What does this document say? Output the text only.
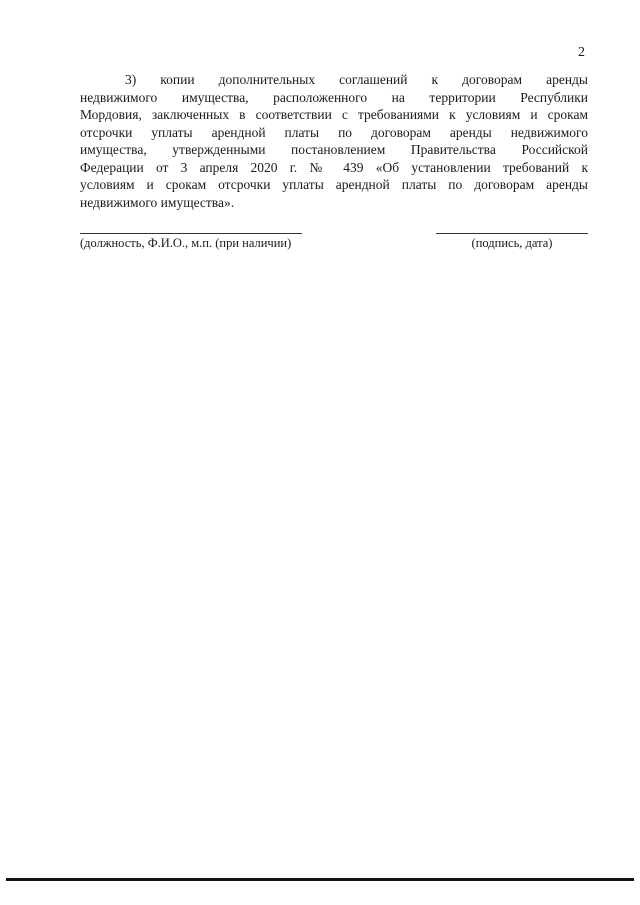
2
3) копии дополнительных соглашений к договорам аренды
недвижимого имущества, расположенного на территории Республики
Мордовия, заключенных в соответствии с требованиями к условиям и срокам
отсрочки уплаты арендной платы по договорам аренды недвижимого
имущества, утвержденными постановлением Правительства Российской
Федерации от 3 апреля 2020 г. № 439 «Об установлении требований к
условиям и срокам отсрочки уплаты арендной платы по договорам аренды
недвижимого имущества».
(должность, Ф.И.О., м.п. (при наличии)	(подпись, дата)
